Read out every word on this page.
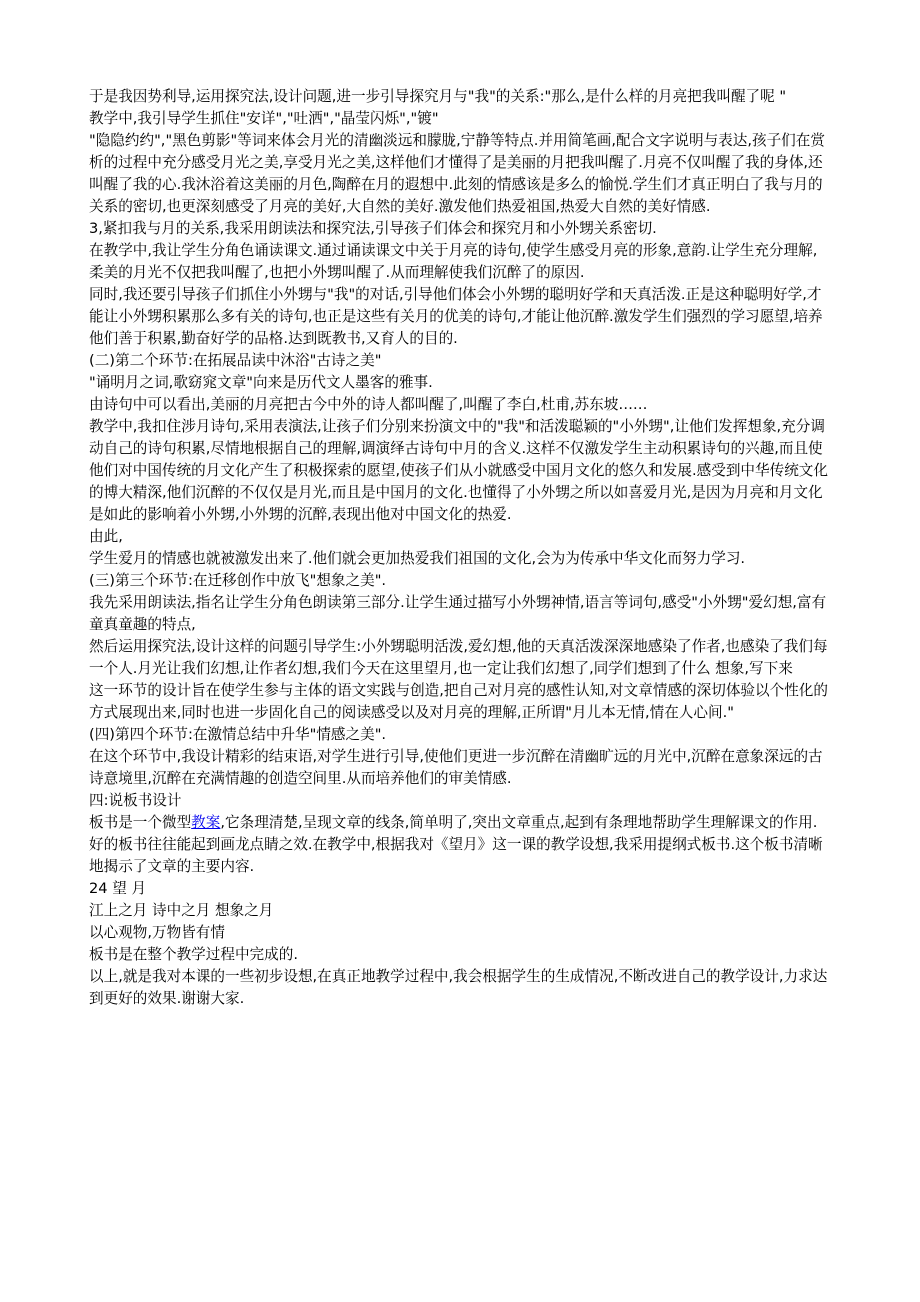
于是我因势利导,运用探究法,设计问题,进一步引导探究月与"我"的关系:"那么,是什么样的月亮把我叫醒了呢 "

教学中,我引导学生抓住"安详","吐洒","晶莹闪烁","镀"

"隐隐约约","黑色剪影"等词来体会月光的清幽淡远和朦胧,宁静等特点.并用简笔画,配合文字说明与表达,孩子们在赏析的过程中充分感受月光之美,享受月光之美,这样他们才懂得了是美丽的月把我叫醒了.月亮不仅叫醒了我的身体,还叫醒了我的心.我沐浴着这美丽的月色,陶醉在月的遐想中.此刻的情感该是多么的愉悦.学生们才真正明白了我与月的关系的密切,也更深刻感受了月亮的美好,大自然的美好.激发他们热爱祖国,热爱大自然的美好情感.

3,紧扣我与月的关系,我采用朗读法和探究法,引导孩子们体会和探究月和小外甥关系密切.

在教学中,我让学生分角色诵读课文.通过诵读课文中关于月亮的诗句,使学生感受月亮的形象,意韵.让学生充分理解,柔美的月光不仅把我叫醒了,也把小外甥叫醒了.从而理解使我们沉醉了的原因.

同时,我还要引导孩子们抓住小外甥与"我"的对话,引导他们体会小外甥的聪明好学和天真活泼.正是这种聪明好学,才能让小外甥积累那么多有关的诗句,也正是这些有关月的优美的诗句,才能让他沉醉.激发学生们强烈的学习愿望,培养他们善于积累,勤奋好学的品格.达到既教书,又育人的目的.

(二)第二个环节:在拓展品读中沐浴"古诗之美"

"诵明月之词,歌窈窕文章"向来是历代文人墨客的雅事.

由诗句中可以看出,美丽的月亮把古今中外的诗人都叫醒了,叫醒了李白,杜甫,苏东坡……

教学中,我扣住涉月诗句,采用表演法,让孩子们分别来扮演文中的"我"和活泼聪颖的"小外甥",让他们发挥想象,充分调动自己的诗句积累,尽情地根据自己的理解,调演绎古诗句中月的含义.这样不仅激发学生主动积累诗句的兴趣,而且使他们对中国传统的月文化产生了积极探索的愿望,使孩子们从小就感受中国月文化的悠久和发展.感受到中华传统文化的博大精深,他们沉醉的不仅仅是月光,而且是中国月的文化.也懂得了小外甥之所以如喜爱月光,是因为月亮和月文化是如此的影响着小外甥,小外甥的沉醉,表现出他对中国文化的热爱.

由此,

学生爱月的情感也就被激发出来了.他们就会更加热爱我们祖国的文化,会为为传承中华文化而努力学习.

(三)第三个环节:在迁移创作中放飞"想象之美".

我先采用朗读法,指名让学生分角色朗读第三部分.让学生通过描写小外甥神情,语言等词句,感受"小外甥"爱幻想,富有童真童趣的特点,

然后运用探究法,设计这样的问题引导学生:小外甥聪明活泼,爱幻想,他的天真活泼深深地感染了作者,也感染了我们每一个人.月光让我们幻想,让作者幻想,我们今天在这里望月,也一定让我们幻想了,同学们想到了什么 想象,写下来

这一环节的设计旨在使学生参与主体的语文实践与创造,把自己对月亮的感性认知,对文章情感的深切体验以个性化的方式展现出来,同时也进一步固化自己的阅读感受以及对月亮的理解,正所谓"月儿本无情,情在人心间."

(四)第四个环节:在激情总结中升华"情感之美".

在这个环节中,我设计精彩的结束语,对学生进行引导,使他们更进一步沉醉在清幽旷远的月光中,沉醉在意象深远的古诗意境里,沉醉在充满情趣的创造空间里.从而培养他们的审美情感.

四:说板书设计

板书是一个微型教案,它条理清楚,呈现文章的线条,简单明了,突出文章重点,起到有条理地帮助学生理解课文的作用.好的板书往往能起到画龙点睛之效.在教学中,根据我对《望月》这一课的教学设想,我采用提纲式板书.这个板书清晰地揭示了文章的主要内容.

24 望 月

江上之月 诗中之月 想象之月

以心观物,万物皆有情

板书是在整个教学过程中完成的.

以上,就是我对本课的一些初步设想,在真正地教学过程中,我会根据学生的生成情况,不断改进自己的教学设计,力求达到更好的效果.谢谢大家.
